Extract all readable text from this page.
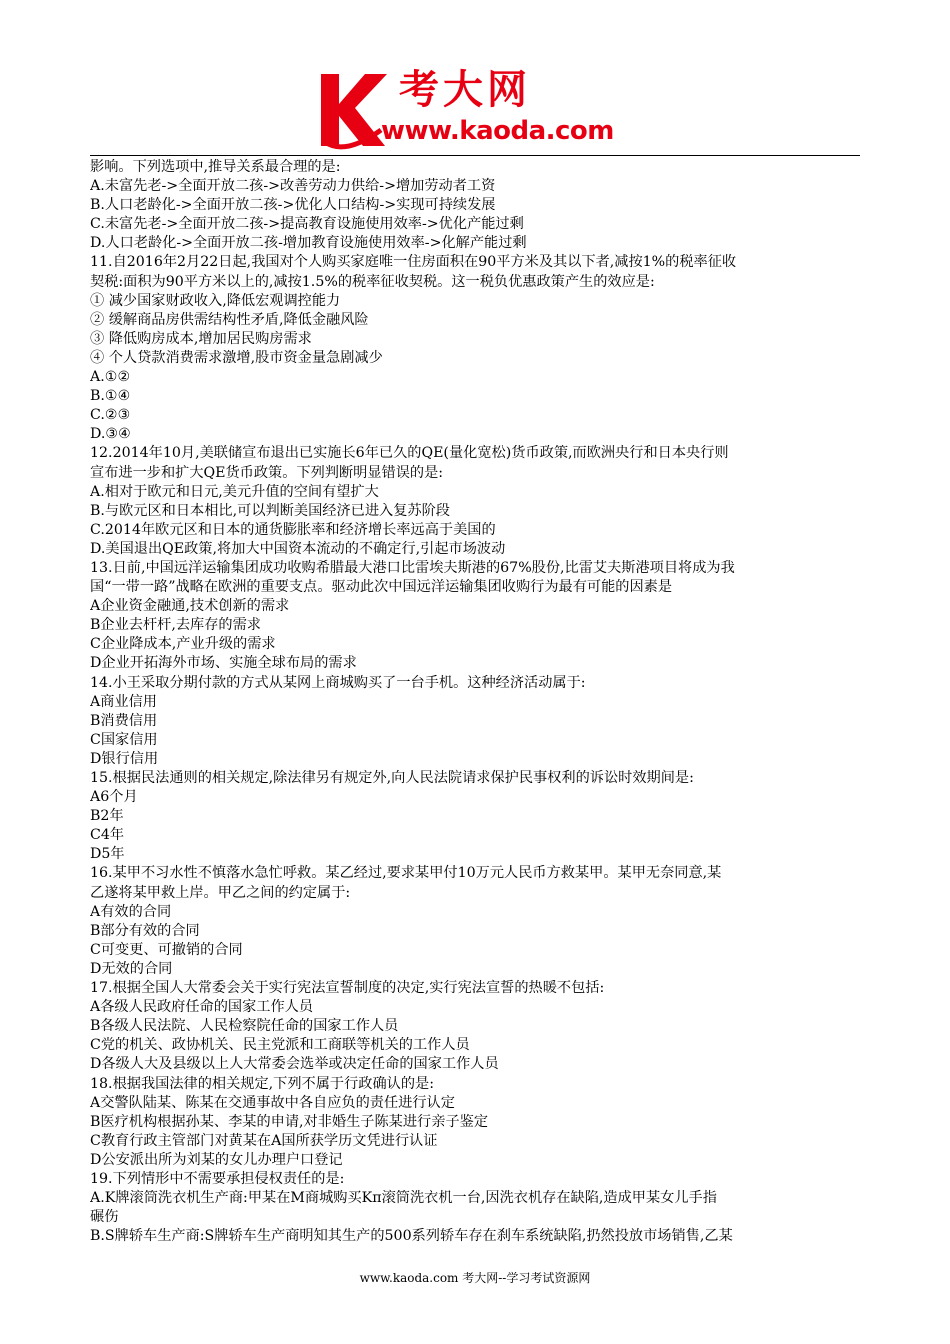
考大网
www.kaoda.com
影响。下列选项中,推导关系最合理的是:
A.未富先老->全面开放二孩->改善劳动力供给->增加劳动者工资
B.人口老龄化->全面开放二孩->优化人口结构->实现可持续发展
C.未富先老->全面开放二孩->提高教育设施使用效率->优化产能过剩
D.人口老龄化->全面开放二孩-增加教育设施使用效率->化解产能过剩
11.自2016年2月22日起,我国对个人购买家庭唯一住房面积在90平方米及其以下者,减按1%的税率征收
契税:面积为90平方米以上的,减按1.5%的税率征收契税。这一税负优惠政策产生的效应是:
① 减少国家财政收入,降低宏观调控能力
② 缓解商品房供需结构性矛盾,降低金融风险
③ 降低购房成本,增加居民购房需求
④ 个人贷款消费需求激增,股市资金量急剧减少
A.①②
B.①④
C.②③
D.③④
12.2014年10月,美联储宣布退出已实施长6年已久的QE(量化宽松)货币政策,而欧洲央行和日本央行则
宣布进一步和扩大QE货币政策。下列判断明显错误的是:
A.相对于欧元和日元,美元升值的空间有望扩大
B.与欧元区和日本相比,可以判断美国经济已进入复苏阶段
C.2014年欧元区和日本的通货膨胀率和经济增长率远高于美国的
D.美国退出QE政策,将加大中国资本流动的不确定行,引起市场波动
13.日前,中国远洋运输集团成功收购希腊最大港口比雷埃夫斯港的67%股份,比雷艾夫斯港项目将成为我
国“一带一路”战略在欧洲的重要支点。驱动此次中国远洋运输集团收购行为最有可能的因素是
A企业资金融通,技术创新的需求
B企业去杆杆,去库存的需求
C企业降成本,产业升级的需求
D企业开拓海外市场、实施全球布局的需求
14.小王采取分期付款的方式从某网上商城购买了一台手机。这种经济活动属于:
A商业信用
B消费信用
C国家信用
D银行信用
15.根据民法通则的相关规定,除法律另有规定外,向人民法院请求保护民事权利的诉讼时效期间是:
A6个月
B2年
C4年
D5年
16.某甲不习水性不慎落水急忙呼救。某乙经过,要求某甲付10万元人民币方救某甲。某甲无奈同意,某
乙遂将某甲救上岸。甲乙之间的约定属于:
A有效的合同
B部分有效的合同
C可变更、可撤销的合同
D无效的合同
17.根据全国人大常委会关于实行宪法宣誓制度的决定,实行宪法宣誓的热暖不包括:
A各级人民政府任命的国家工作人员
B各级人民法院、人民检察院任命的国家工作人员
C党的机关、政协机关、民主党派和工商联等机关的工作人员
D各级人大及县级以上人大常委会选举或决定任命的国家工作人员
18.根据我国法律的相关规定,下列不属于行政确认的是:
A交警队陆某、陈某在交通事故中各自应负的责任进行认定
B医疗机构根据孙某、李某的申请,对非婚生子陈某进行亲子鉴定
C教育行政主管部门对黄某在A国所获学历文凭进行认证
D公安派出所为刘某的女儿办理户口登记
19.下列情形中不需要承担侵权责任的是:
A.K牌滚筒洗衣机生产商:甲某在M商城购买Kπ滚筒洗衣机一台,因洗衣机存在缺陷,造成甲某女儿手指
碾伤
B.S牌轿车生产商:S牌轿车生产商明知其生产的500系列轿车存在刹车系统缺陷,扔然投放市场销售,乙某
www.kaoda.com 考大网--学习考试资源网
